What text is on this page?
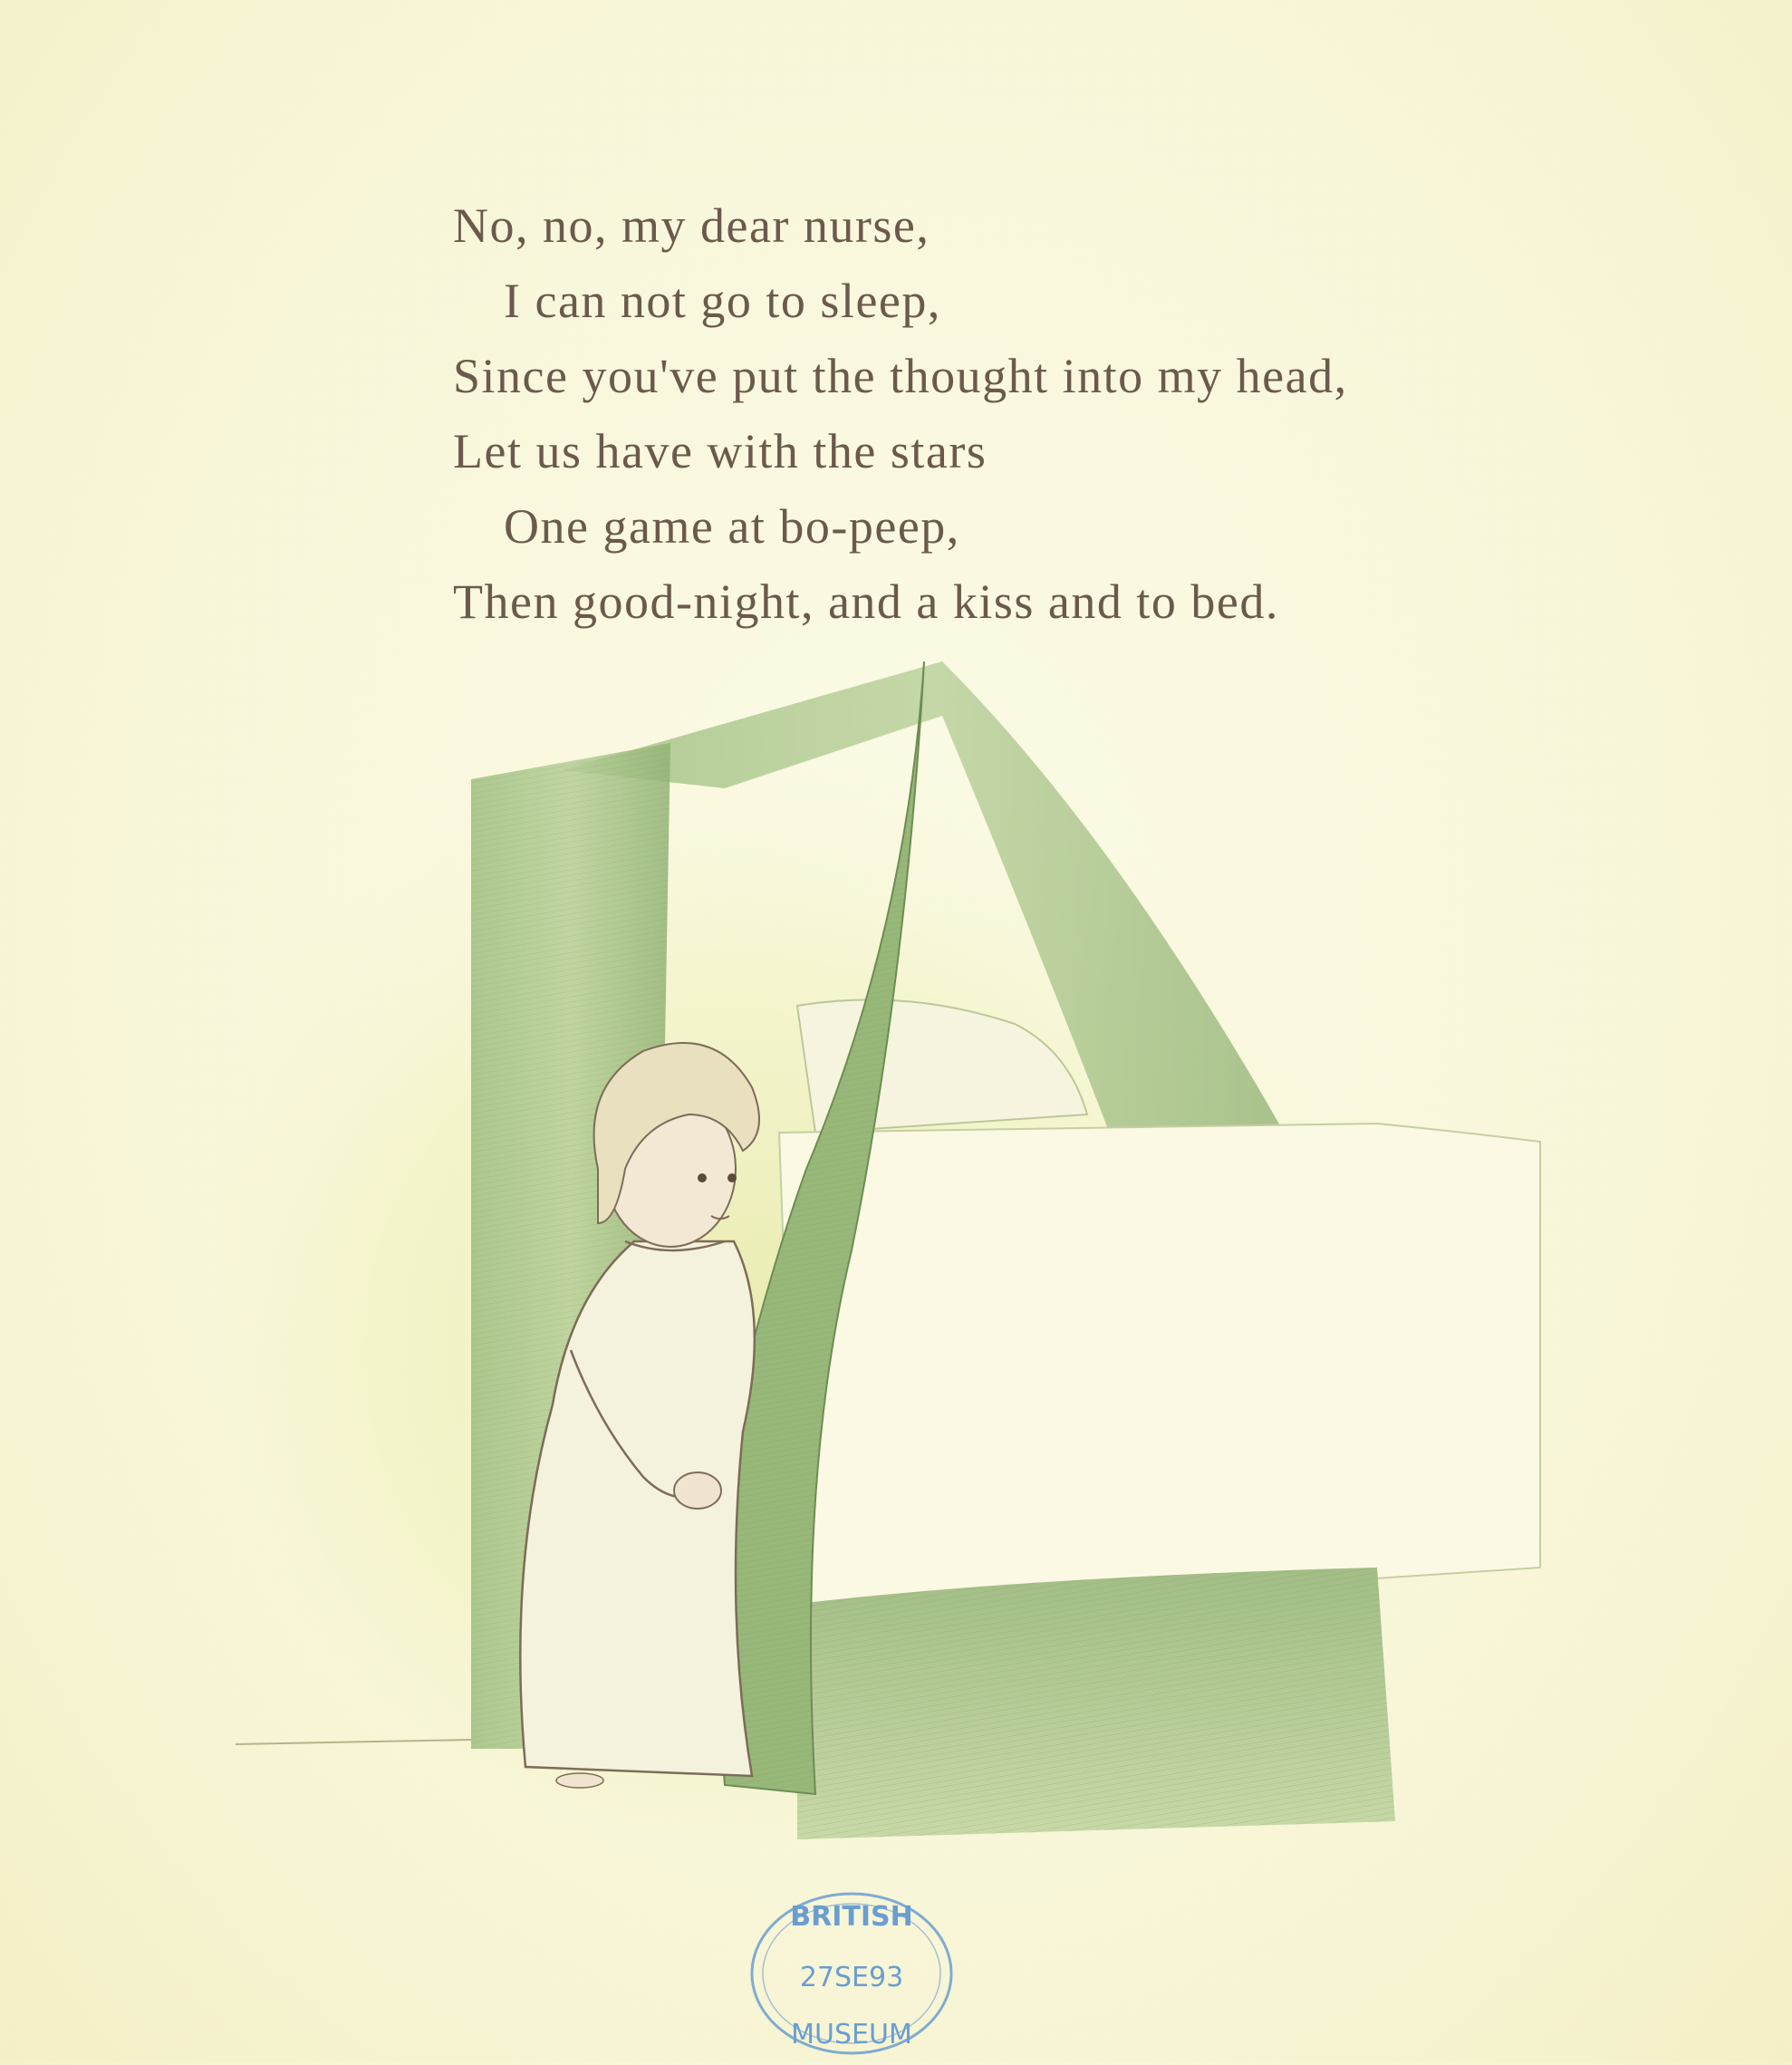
No, no, my dear nurse,
I can not go to sleep,
Since you've put the thought into my head,
Let us have with the stars
One game at bo-peep,
Then good-night, and a kiss and to bed.
BRITISH
27SE93
MUSEUM
